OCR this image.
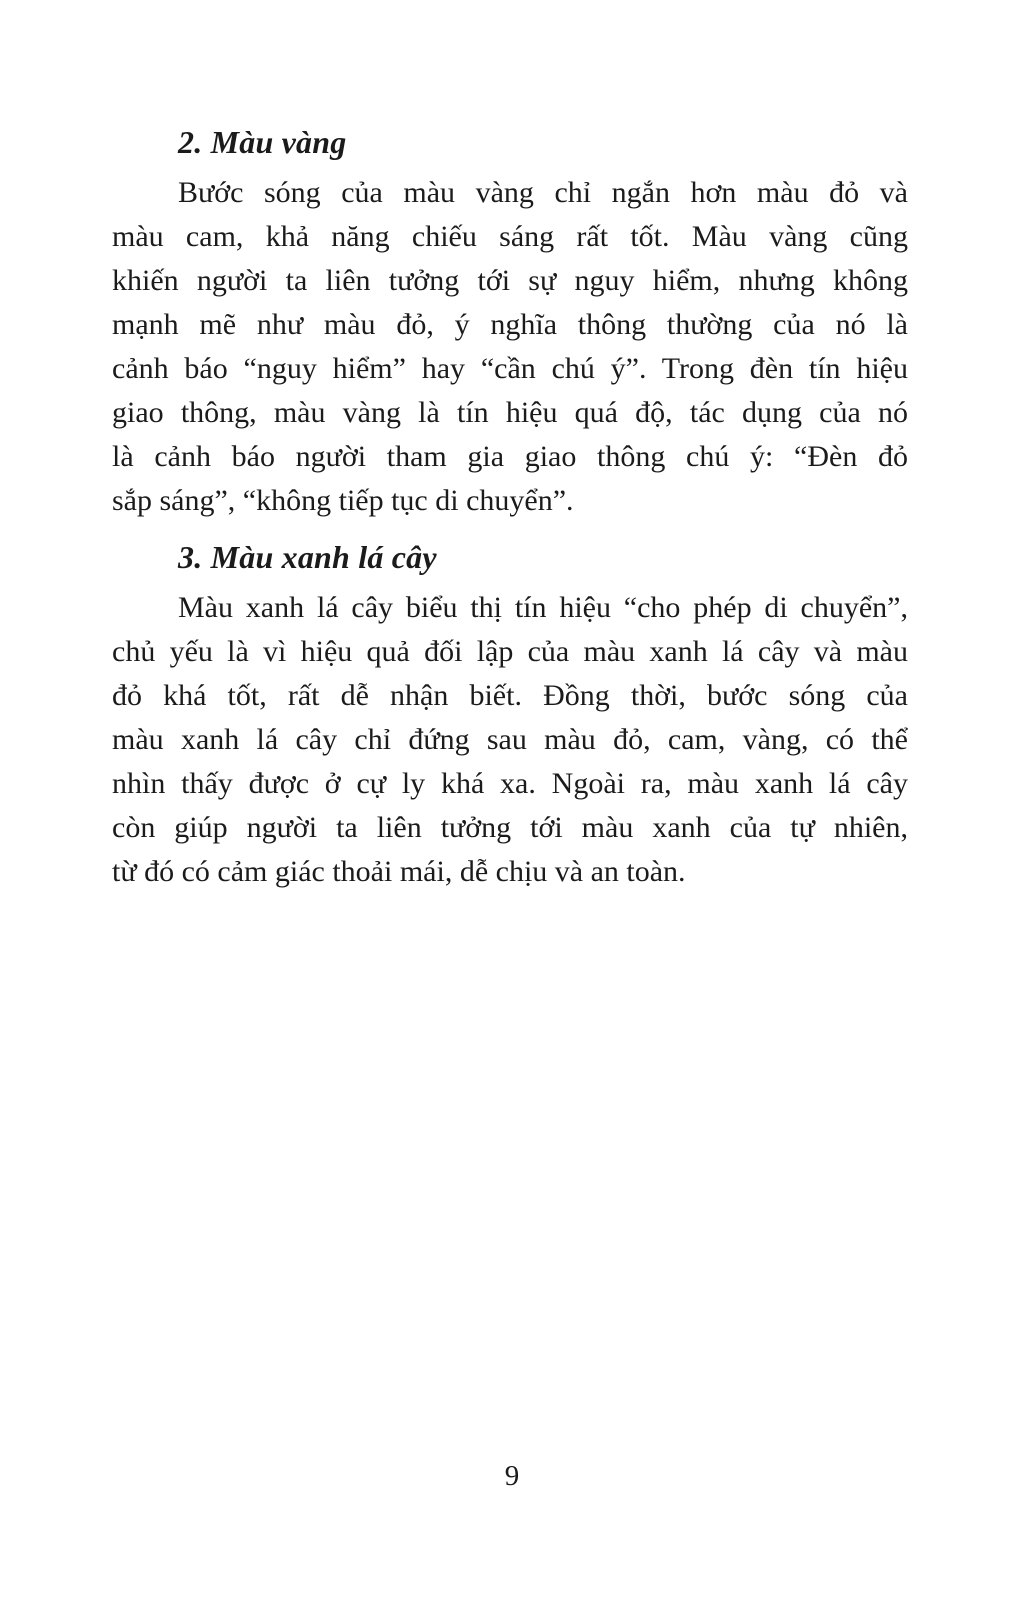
2. Màu vàng
Bước sóng của màu vàng chỉ ngắn hơn màu đỏ và
màu cam, khả năng chiếu sáng rất tốt. Màu vàng cũng
khiến người ta liên tưởng tới sự nguy hiểm, nhưng không
mạnh mẽ như màu đỏ, ý nghĩa thông thường của nó là
cảnh báo “nguy hiểm” hay “cần chú ý”. Trong đèn tín hiệu
giao thông, màu vàng là tín hiệu quá độ, tác dụng của nó
là cảnh báo người tham gia giao thông chú ý: “Đèn đỏ
sắp sáng”, “không tiếp tục di chuyển”.
3. Màu xanh lá cây
Màu xanh lá cây biểu thị tín hiệu “cho phép di chuyển”,
chủ yếu là vì hiệu quả đối lập của màu xanh lá cây và màu
đỏ khá tốt, rất dễ nhận biết. Đồng thời, bước sóng của
màu xanh lá cây chỉ đứng sau màu đỏ, cam, vàng, có thể
nhìn thấy được ở cự ly khá xa. Ngoài ra, màu xanh lá cây
còn giúp người ta liên tưởng tới màu xanh của tự nhiên,
từ đó có cảm giác thoải mái, dễ chịu và an toàn.
9
